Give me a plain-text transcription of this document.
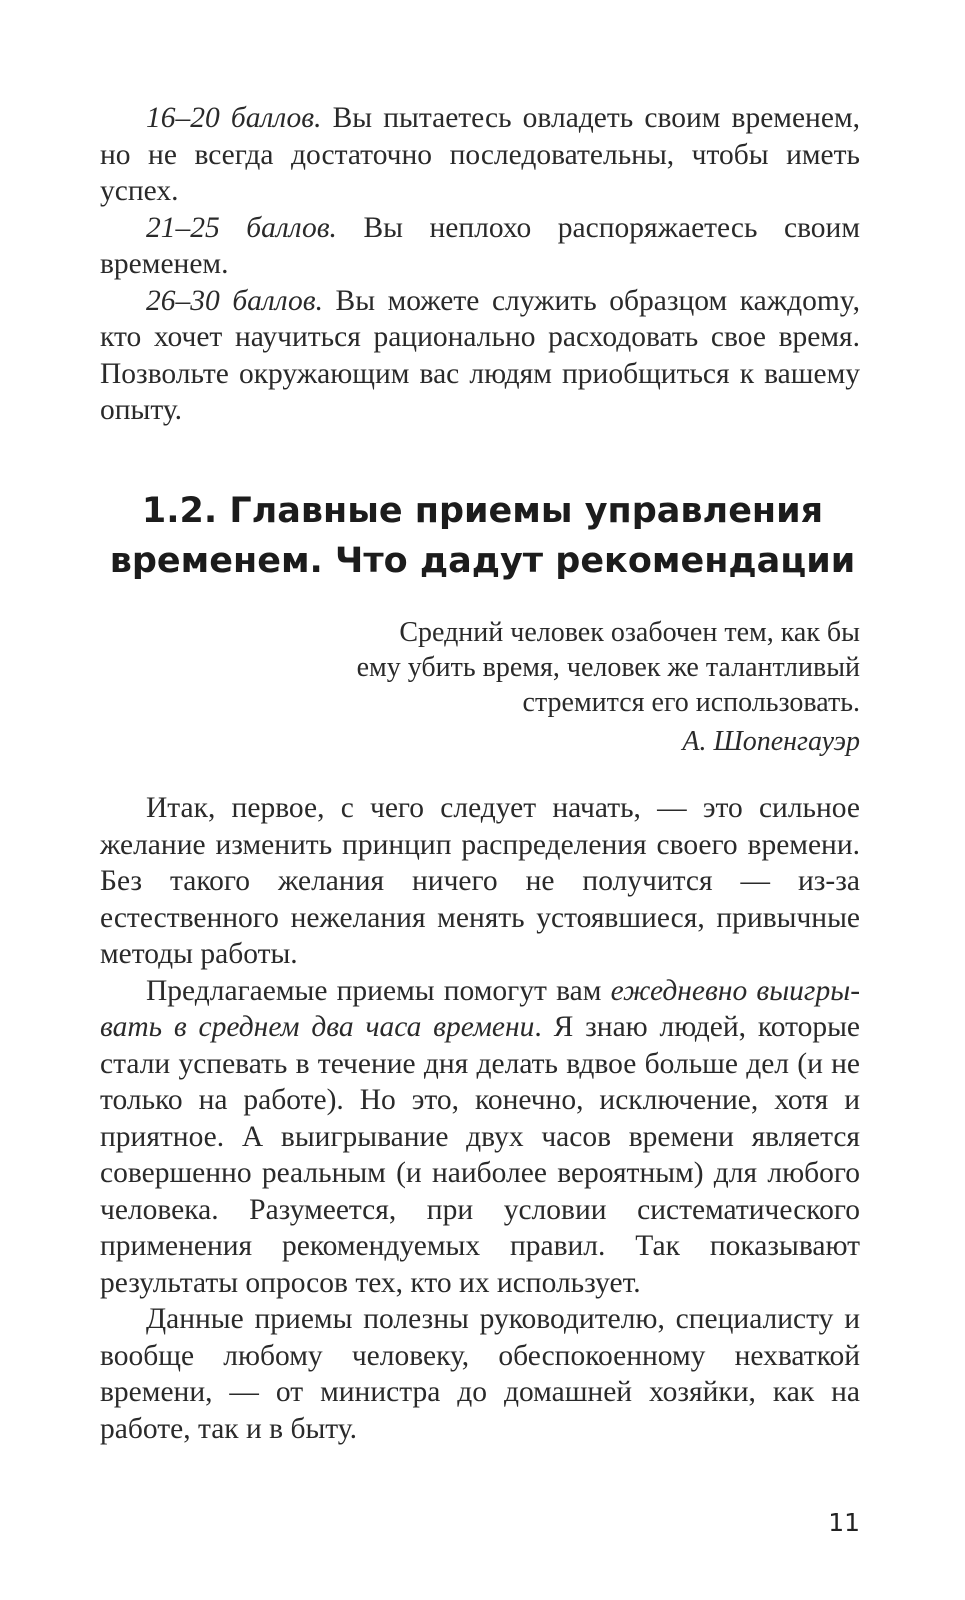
16–20 баллов. Вы пытаетесь овладеть своим временем, но не всегда достаточно последовательны, чтобы иметь успех.

21–25 баллов. Вы неплохо распоряжаетесь своим временем.

26–30 баллов. Вы можете служить образцом каждоmy, кто хочет научиться рационально расходовать свое время. Позвольте окружающим вас людям приобщиться к вашему опыту.

1.2. Главные приемы управления
временем. Что дадут рекомендации
Средний человек озабочен тем, как бы
ему убить время, человек же талантливый
стремится его использовать.
А. Шопенгауэр

Итак, первое, с чего следует начать, — это сильное желание изменить принцип распределения своего времени. Без такого желания ничего не получится — из-за естественного нежелания менять устоявшиеся, привычные методы работы.

Предлагаемые приемы помогут вам ежедневно выигрывать в среднем два часа времени. Я знаю людей, которые стали успевать в течение дня делать вдвое больше дел (и не только на работе). Но это, конечно, исключение, хотя и приятное. А выигрывание двух часов времени является совершенно реальным (и наиболее вероятным) для любого человека. Разумеется, при условии систематического применения рекомендуемых правил. Так показывают результаты опросов тех, кто их использует.

Данные приемы полезны руководителю, специалисту и вообще любому человеку, обеспокоенному нехваткой времени, — от министра до домашней хозяйки, как на работе, так и в быту.

11
